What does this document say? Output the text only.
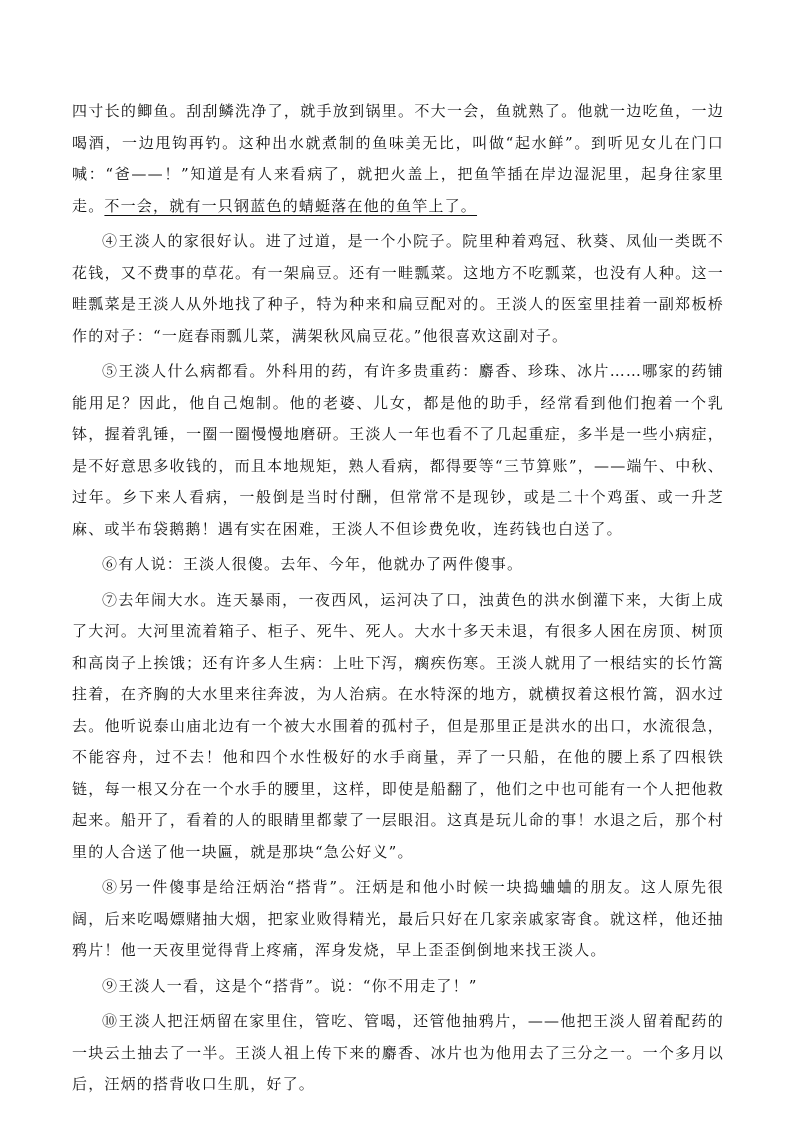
四寸长的鲫鱼。刮刮鳞洗净了，就手放到锅里。不大一会，鱼就熟了。他就一边吃鱼，一边喝酒，一边甩钩再钓。这种出水就煮制的鱼味美无比，叫做“起水鲜”。到听见女儿在门口喊：“爸——！”知道是有人来看病了，就把火盖上，把鱼竿插在岸边湿泥里，起身往家里走。不一会，就有一只钢蓝色的蜻蜓落在他的鱼竿上了。

④王淡人的家很好认。进了过道，是一个小院子。院里种着鸡冠、秋葵、凤仙一类既不花钱，又不费事的草花。有一架扁豆。还有一畦瓢菜。这地方不吃瓢菜，也没有人种。这一畦瓢菜是王淡人从外地找了种子，特为种来和扁豆配对的。王淡人的医室里挂着一副郑板桥作的对子：“一庭春雨瓢儿菜，满架秋风扁豆花。”他很喜欢这副对子。

⑤王淡人什么病都看。外科用的药，有许多贵重药：麝香、珍珠、冰片……哪家的药铺能用足？因此，他自己炮制。他的老婆、儿女，都是他的助手，经常看到他们抱着一个乳钵，握着乳锤，一圈一圈慢慢地磨研。王淡人一年也看不了几起重症，多半是一些小病症，是不好意思多收钱的，而且本地规矩，熟人看病，都得要等“三节算账”，——端午、中秋、过年。乡下来人看病，一般倒是当时付酬，但常常不是现钞，或是二十个鸡蛋、或一升芝麻、或半布袋鹅鹅！遇有实在困难，王淡人不但诊费免收，连药钱也白送了。

⑥有人说：王淡人很傻。去年、今年，他就办了两件傻事。

⑦去年闹大水。连天暴雨，一夜西风，运河决了口，浊黄色的洪水倒灌下来，大街上成了大河。大河里流着箱子、柜子、死牛、死人。大水十多天未退，有很多人困在房顶、树顶和高岗子上挨饿；还有许多人生病：上吐下泻，瘸疾伤寒。王淡人就用了一根结实的长竹篙拄着，在齐胸的大水里来往奔波，为人治病。在水特深的地方，就横扠着这根竹篙，泅水过去。他听说泰山庙北边有一个被大水围着的孤村子，但是那里正是洪水的出口，水流很急，不能容舟，过不去！他和四个水性极好的水手商量，弄了一只船，在他的腰上系了四根铁链，每一根又分在一个水手的腰里，这样，即使是船翻了，他们之中也可能有一个人把他救起来。船开了，看着的人的眼睛里都蒙了一层眼泪。这真是玩儿命的事！水退之后，那个村里的人合送了他一块匾，就是那块“急公好义”。

⑧另一件傻事是给汪炳治“搭背”。汪炳是和他小时候一块捣蛐蛐的朋友。这人原先很阔，后来吃喝嫖赌抽大烟，把家业败得精光，最后只好在几家亲戚家寄食。就这样，他还抽鸦片！他一天夜里觉得背上疼痛，浑身发烧，早上歪歪倒倒地来找王淡人。

⑨王淡人一看，这是个“搭背”。说：“你不用走了！”

⑩王淡人把汪炳留在家里住，管吃、管喝，还管他抽鸦片，——他把王淡人留着配药的一块云土抽去了一半。王淡人祖上传下来的麝香、冰片也为他用去了三分之一。一个多月以后，汪炳的搭背收口生肌，好了。
